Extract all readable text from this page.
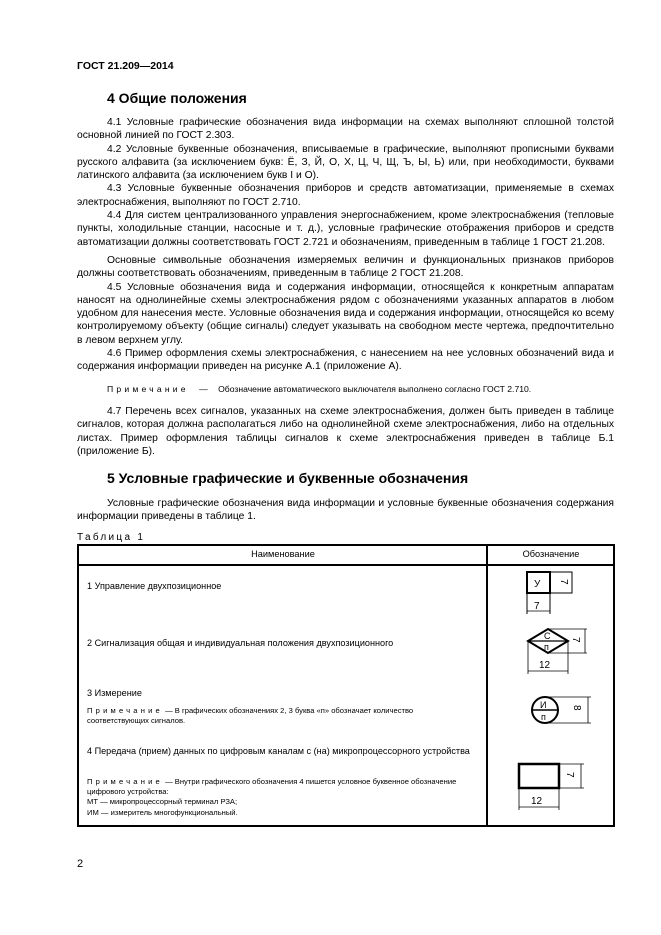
ГОСТ 21.209—2014
4 Общие положения

4.1 Условные графические обозначения вида информации на схемах выполняют сплошной толстой основной линией по ГОСТ 2.303.

4.2 Условные буквенные обозначения, вписываемые в графические, выполняют прописными буквами русского алфавита (за исключением букв: Ё, З, Й, О, Х, Ц, Ч, Щ, Ъ, Ы, Ь) или, при необходимости, буквами латинского алфавита (за исключением букв I и О).

4.3 Условные буквенные обозначения приборов и средств автоматизации, применяемые в схемах электроснабжения, выполняют по ГОСТ 2.710.

4.4 Для систем централизованного управления энергоснабжением, кроме электроснабжения (тепловые пункты, холодильные станции, насосные и т. д.), условные графические отображения приборов и средств автоматизации должны соответствовать ГОСТ 2.721 и обозначениям, приведенным в таблице 1 ГОСТ 21.208.

Основные символьные обозначения измеряемых величин и функциональных признаков приборов должны соответствовать обозначениям, приведенным в таблице 2 ГОСТ 21.208.

4.5 Условные обозначения вида и содержания информации, относящейся к конкретным аппаратам наносят на однолинейные схемы электроснабжения рядом с обозначениями указанных аппаратов в любом удобном для нанесения месте. Условные обозначения вида и содержания информации, относящейся ко всему контролируемому объекту (общие сигналы) следует указывать на свободном месте чертежа, предпочтительно в левом верхнем углу.

4.6 Пример оформления схемы электроснабжения, с нанесением на нее условных обозначений вида и содержания информации приведен на рисунке А.1 (приложение А).

Примечание — Обозначение автоматического выключателя выполнено согласно ГОСТ 2.710.

4.7 Перечень всех сигналов, указанных на схеме электроснабжения, должен быть приведен в таблице сигналов, которая должна располагаться либо на однолинейной схеме электроснабжения, либо на отдельных листах. Пример оформления таблицы сигналов к схеме электроснабжения приведен в таблице Б.1 (приложение Б).

5 Условные графические и буквенные обозначения

Условные графические обозначения вида информации и условные буквенные обозначения содержания информации приведены в таблице 1.

Таблица 1
Наименование	Обозначение
1 Управление двухпозиционное	У
7
7
2 Сигнализация общая и индивидуальная положения двухпозиционного
С
п
12
7
3 Измерение
Примечание — В графических обозначениях 2, 3 буква «п» обозначает количество соответствующих сигналов.
И
п
8
4 Передача (прием) данных по цифровым каналам с (на) микропроцессорного устройства
Примечание — Внутри графического обозначения 4 пишется условное буквенное обозначение цифрового устройства:
МТ — микропроцессорный терминал РЗА;
ИМ — измеритель многофункциональный.
12
7
2
